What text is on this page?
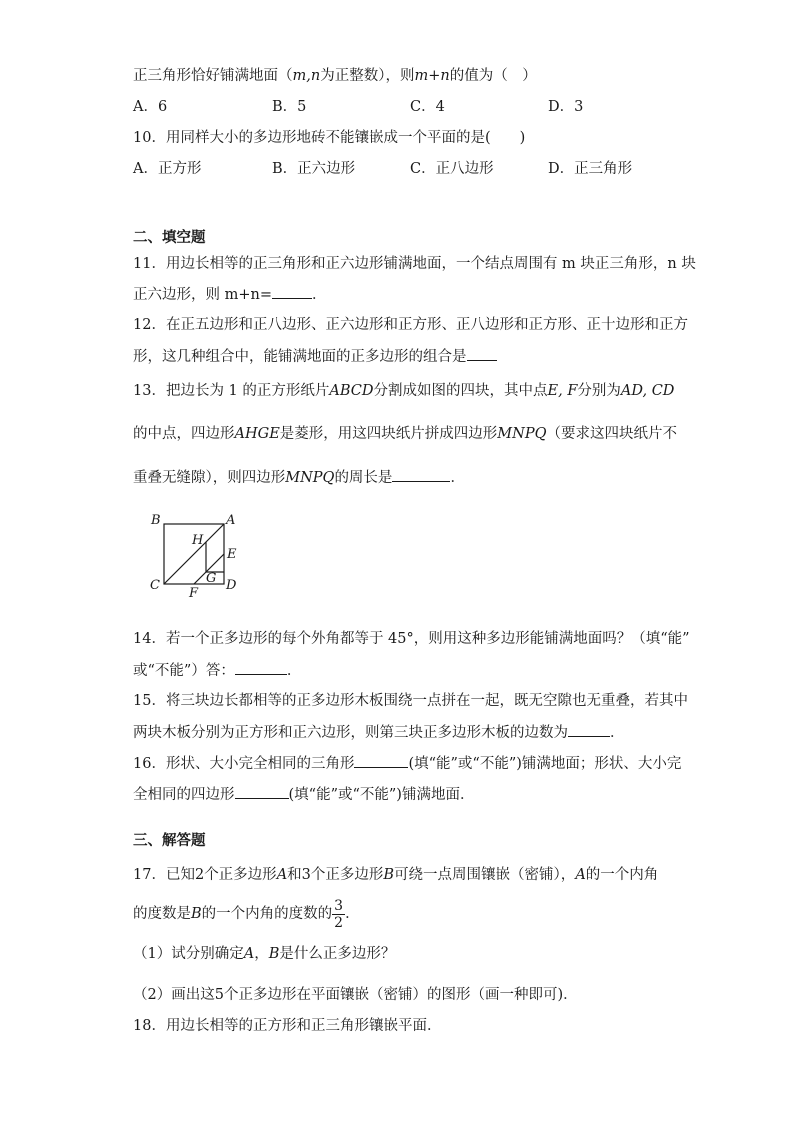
正三角形恰好铺满地面（m,n为正整数），则m+n的值为（　）
A．6	B．5	C．4	D．3
10．用同样大小的多边形地砖不能镶嵌成一个平面的是(　　)
A．正方形	B．正六边形	C．正八边形	D．正三角形
二、填空题
11．用边长相等的正三角形和正六边形铺满地面，一个结点周围有 m 块正三角形，n 块
正六边形，则 m+n=	．
12．在正五边形和正八边形、正六边形和正方形、正八边形和正方形、正十边形和正方
形，这几种组合中，能铺满地面的正多边形的组合是
13．把边长为 1 的正方形纸片ABCD分割成如图的四块，其中点E, F分别为AD, CD
的中点，四边形AHGE是菱形，用这四块纸片拼成四边形MNPQ（要求这四块纸片不
重叠无缝隙），则四边形MNPQ的周长是	．
B	A
H
E
G
C	D
F
14．若一个正多边形的每个外角都等于 45°，则用这种多边形能铺满地面吗？（填“能”
或“不能”）答：	．
15．将三块边长都相等的正多边形木板围绕一点拼在一起，既无空隙也无重叠，若其中
两块木板分别为正方形和正六边形，则第三块正多边形木板的边数为	．
16．形状、大小完全相同的三角形	(填“能”或“不能”)铺满地面；形状、大小完
全相同的四边形	(填“能”或“不能”)铺满地面．
三、解答题
17．已知2个正多边形A和3个正多边形B可绕一点周围镶嵌（密铺），A的一个内角
的度数是B的一个内角的度数的 $\frac{3}{2}$ ．
（1）试分别确定A，B是什么正多边形？
（2）画出这5个正多边形在平面镶嵌（密铺）的图形（画一种即可)．
18．用边长相等的正方形和正三角形镶嵌平面．
